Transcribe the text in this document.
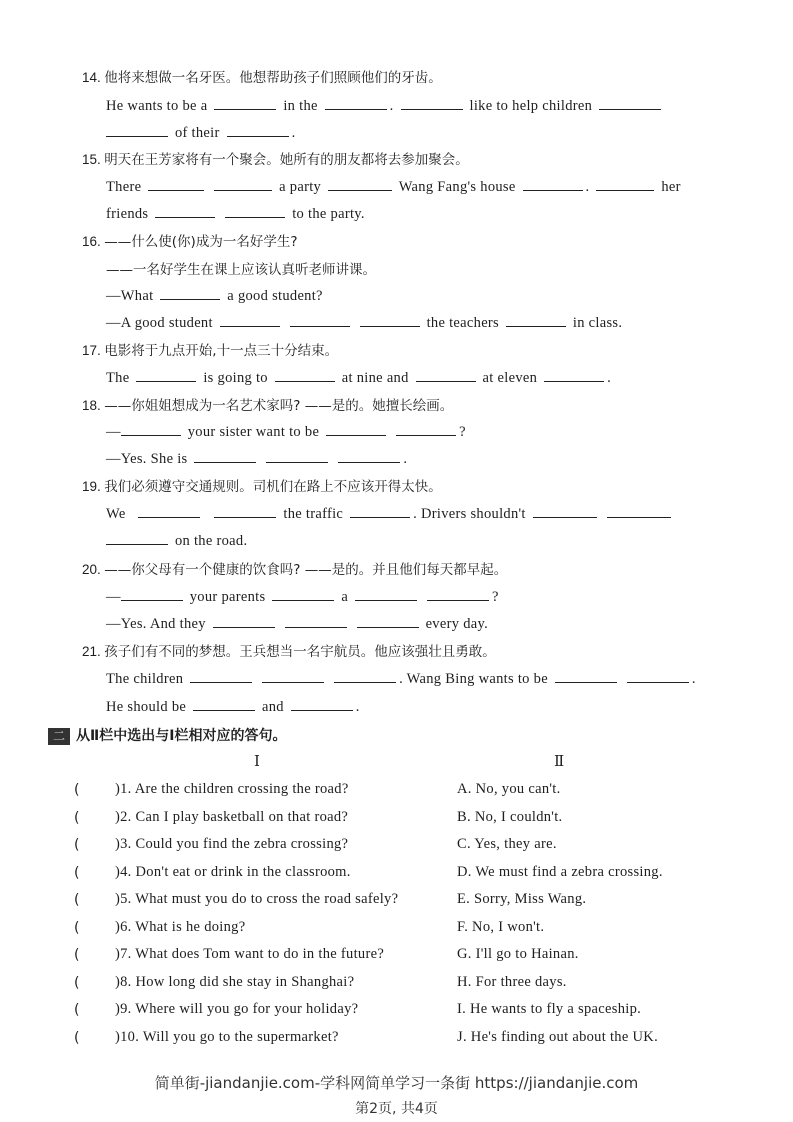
14. 他将来想做一名牙医。他想帮助孩子们照顾他们的牙齿。
He wants to be a	in the	.	like to help children
of their	.
15. 明天在王芳家将有一个聚会。她所有的朋友都将去参加聚会。
There	a party	Wang Fang's house	.	her
friends	to the party.
16. ——什么使(你)成为一名好学生?
——一名好学生在课上应该认真听老师讲课。
—What	a good student?
—A good student	the teachers	in class.
17. 电影将于九点开始,十一点三十分结束。
The	is going to	at nine and	at eleven	.
18. ——你姐姐想成为一名艺术家吗? ——是的。她擅长绘画。
—	your sister want to be	?
—Yes. She is	.
19. 我们必须遵守交通规则。司机们在路上不应该开得太快。
We	the traffic	. Drivers shouldn't
on the road.
20. ——你父母有一个健康的饮食吗? ——是的。并且他们每天都早起。
—	your parents	a	?
—Yes. And they	every day.
21. 孩子们有不同的梦想。王兵想当一名宇航员。他应该强壮且勇敢。
The children	. Wang Bing wants to be	.
He should be	and	.
二 从Ⅱ栏中选出与Ⅰ栏相对应的答句。
Ⅰ	Ⅱ
( )1. Are the children crossing the road?	A. No, you can't.
( )2. Can I play basketball on that road?	B. No, I couldn't.
( )3. Could you find the zebra crossing?	C. Yes, they are.
( )4. Don't eat or drink in the classroom.	D. We must find a zebra crossing.
( )5. What must you do to cross the road safely?	E. Sorry, Miss Wang.
( )6. What is he doing?	F. No, I won't.
( )7. What does Tom want to do in the future?	G. I'll go to Hainan.
( )8. How long did she stay in Shanghai?	H. For three days.
( )9. Where will you go for your holiday?	I. He wants to fly a spaceship.
( )10. Will you go to the supermarket?	J. He's finding out about the UK.
简单街-jiandanjie.com-学科网简单学习一条街 https://jiandanjie.com
第2页, 共4页
